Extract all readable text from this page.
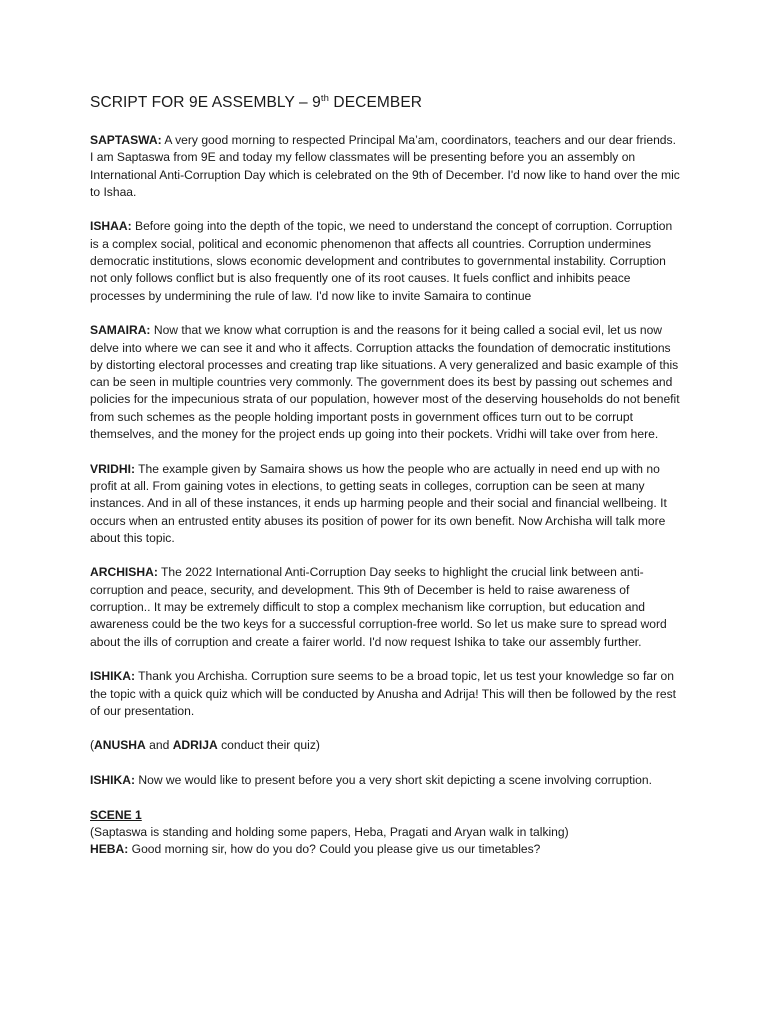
SCRIPT FOR 9E ASSEMBLY – 9th DECEMBER

SAPTASWA: A very good morning to respected Principal Ma’am, coordinators, teachers and our dear friends. I am Saptaswa from 9E and today my fellow classmates will be presenting before you an assembly on International Anti-Corruption Day which is celebrated on the 9th of December. I'd now like to hand over the mic to Ishaa.

ISHAA: Before going into the depth of the topic, we need to understand the concept of corruption. Corruption is a complex social, political and economic phenomenon that affects all countries. Corruption undermines democratic institutions, slows economic development and contributes to governmental instability. Corruption not only follows conflict but is also frequently one of its root causes. It fuels conflict and inhibits peace processes by undermining the rule of law. I'd now like to invite Samaira to continue

SAMAIRA: Now that we know what corruption is and the reasons for it being called a social evil, let us now delve into where we can see it and who it affects. Corruption attacks the foundation of democratic institutions by distorting electoral processes and creating trap like situations. A very generalized and basic example of this can be seen in multiple countries very commonly. The government does its best by passing out schemes and policies for the impecunious strata of our population, however most of the deserving households do not benefit from such schemes as the people holding important posts in government offices turn out to be corrupt themselves, and the money for the project ends up going into their pockets. Vridhi will take over from here.

VRIDHI: The example given by Samaira shows us how the people who are actually in need end up with no profit at all. From gaining votes in elections, to getting seats in colleges, corruption can be seen at many instances. And in all of these instances, it ends up harming people and their social and financial wellbeing. It occurs when an entrusted entity abuses its position of power for its own benefit. Now Archisha will talk more about this topic.

ARCHISHA: The 2022 International Anti-Corruption Day seeks to highlight the crucial link between anti-corruption and peace, security, and development. This 9th of December is held to raise awareness of corruption.. It may be extremely difficult to stop a complex mechanism like corruption, but education and awareness could be the two keys for a successful corruption-free world. So let us make sure to spread word about the ills of corruption and create a fairer world. I'd now request Ishika to take our assembly further.

ISHIKA: Thank you Archisha. Corruption sure seems to be a broad topic, let us test your knowledge so far on the topic with a quick quiz which will be conducted by Anusha and Adrija! This will then be followed by the rest of our presentation.

(ANUSHA and ADRIJA conduct their quiz)

ISHIKA: Now we would like to present before you a very short skit depicting a scene involving corruption.

SCENE 1

(Saptaswa is standing and holding some papers, Heba, Pragati and Aryan walk in talking)

HEBA: Good morning sir, how do you do? Could you please give us our timetables?
